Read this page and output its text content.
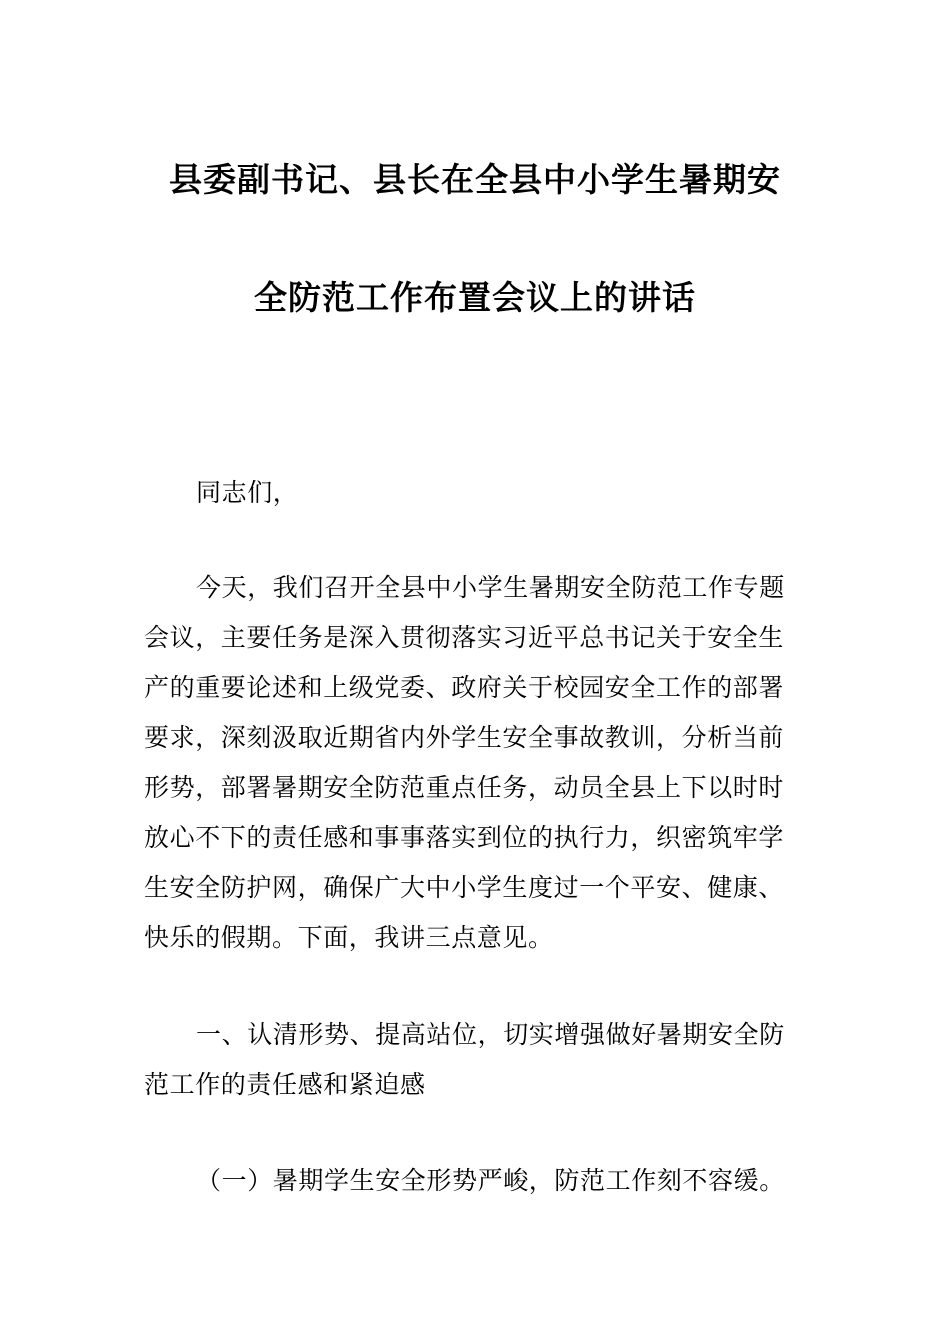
县委副书记、县长在全县中小学生暑期安
全防范工作布置会议上的讲话
同志们，
今天，我们召开全县中小学生暑期安全防范工作专题
会议，主要任务是深入贯彻落实习近平总书记关于安全生
产的重要论述和上级党委、政府关于校园安全工作的部署
要求，深刻汲取近期省内外学生安全事故教训，分析当前
形势，部署暑期安全防范重点任务，动员全县上下以时时
放心不下的责任感和事事落实到位的执行力，织密筑牢学
生安全防护网，确保广大中小学生度过一个平安、健康、
快乐的假期。下面，我讲三点意见。
一、认清形势、提高站位，切实增强做好暑期安全防
范工作的责任感和紧迫感
（一）暑期学生安全形势严峻，防范工作刻不容缓。
